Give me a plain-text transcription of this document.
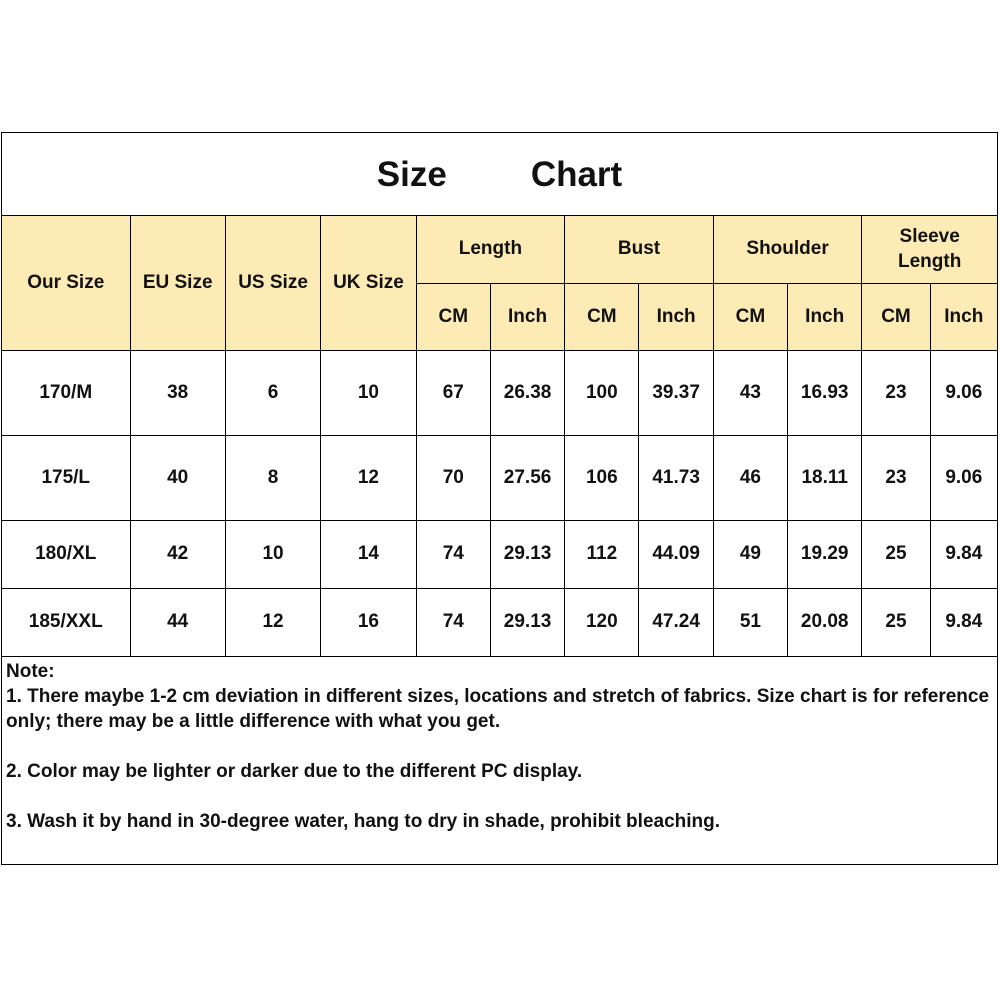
Size Chart
Our Size	EU Size	US Size	UK Size	Length		Bust		Shoulder		Sleeve
Length	

				CM	Inch	CM	Inch	CM	Inch	CM	Inch
170/M	38	6	10	67	26.38	100	39.37	43	16.93	23	9.06
175/L	40	8	12	70	27.56	106	41.73	46	18.11	23	9.06
180/XL	42	10	14	74	29.13	112	44.09	49	19.29	25	9.84
185/XXL	44	12	16	74	29.13	120	47.24	51	20.08	25	9.84

Note:

1. There maybe 1-2 cm deviation in different sizes, locations and stretch of fabrics. Size chart is for reference only; there may be a little difference with what you get.

2. Color may be lighter or darker due to the different PC display.

3. Wash it by hand in 30-degree water, hang to dry in shade, prohibit bleaching.
